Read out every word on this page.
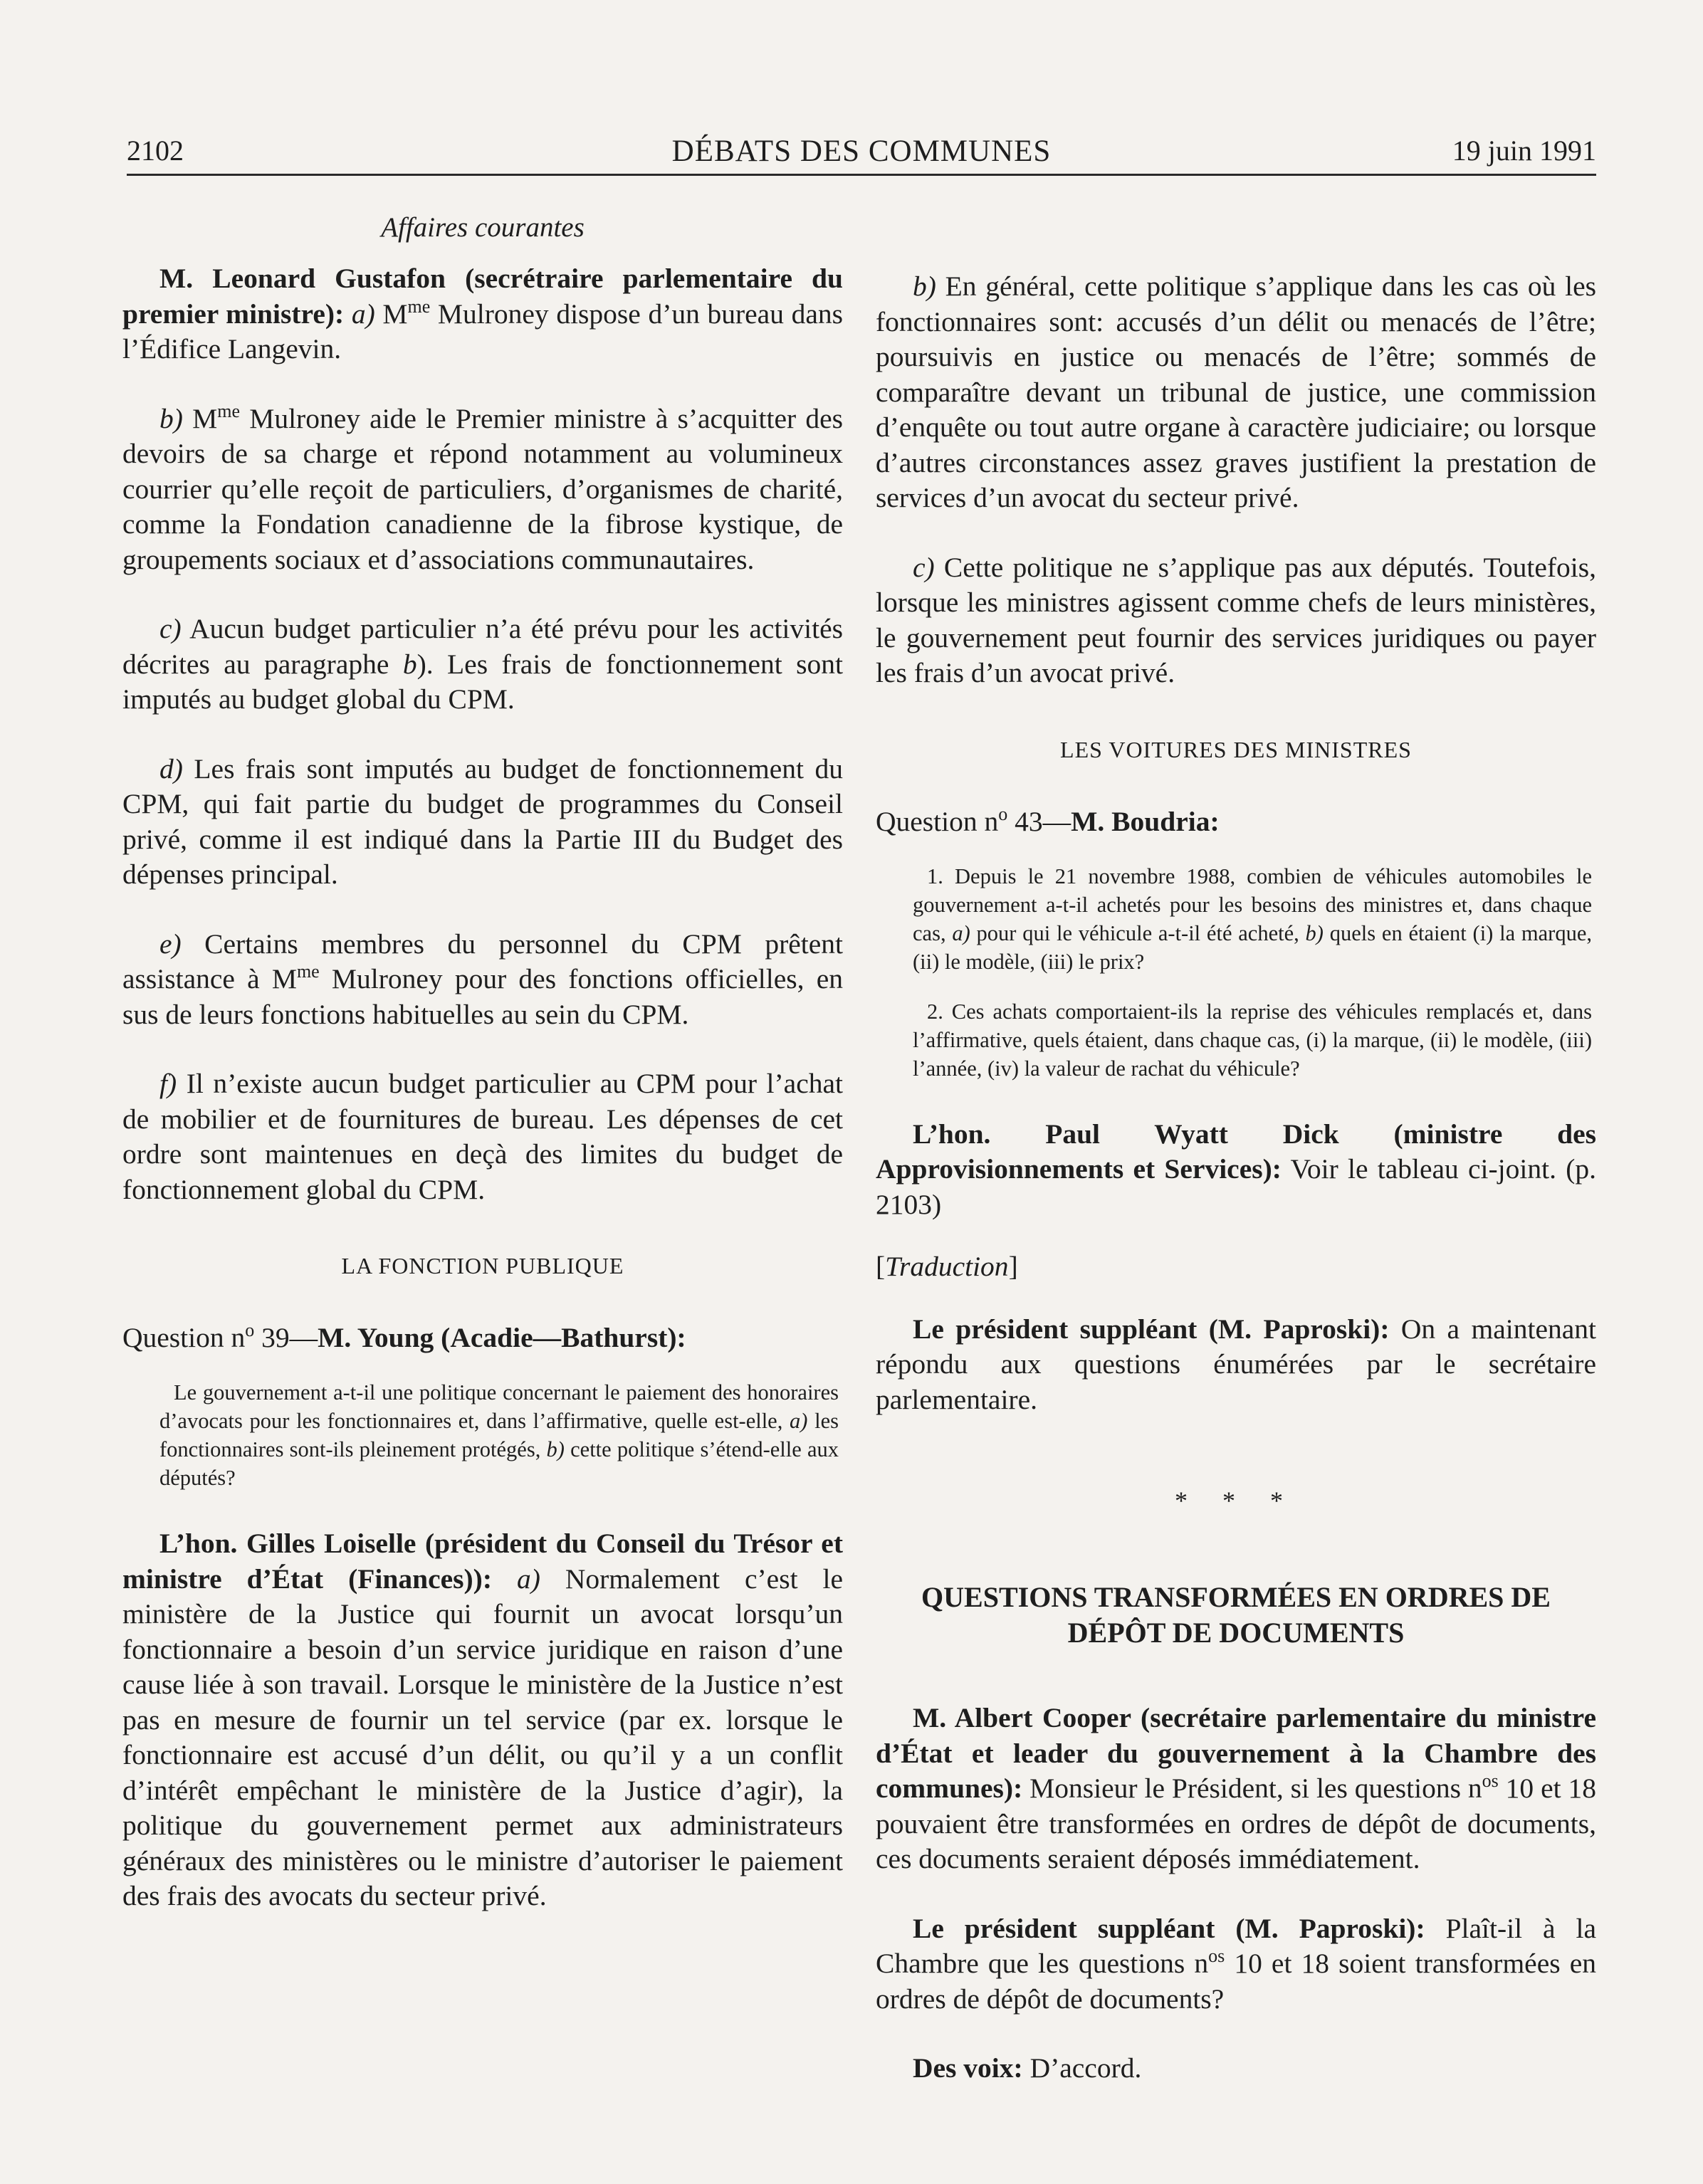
2102	DÉBATS DES COMMUNES	19 juin 1991
Affaires courantes

M. Leonard Gustafon (secrétraire parlementaire du premier ministre): a) $M^{me}$ Mulroney dispose d’un bureau dans l’Édifice Langevin.

b) $M^{me}$ Mulroney aide le Premier ministre à s’acquitter des devoirs de sa charge et répond notamment au volumineux courrier qu’elle reçoit de particuliers, d’organismes de charité, comme la Fondation canadienne de la fibrose kystique, de groupements sociaux et d’associations communautaires.

c) Aucun budget particulier n’a été prévu pour les activités décrites au paragraphe b). Les frais de fonctionnement sont imputés au budget global du CPM.

d) Les frais sont imputés au budget de fonctionnement du CPM, qui fait partie du budget de programmes du Conseil privé, comme il est indiqué dans la Partie III du Budget des dépenses principal.

e) Certains membres du personnel du CPM prêtent assistance à $M^{me}$ Mulroney pour des fonctions officielles, en sus de leurs fonctions habituelles au sein du CPM.

f) Il n’existe aucun budget particulier au CPM pour l’achat de mobilier et de fournitures de bureau. Les dépenses de cet ordre sont maintenues en deçà des limites du budget de fonctionnement global du CPM.

LA FONCTION PUBLIQUE

Question $n^o$ 39—M. Young (Acadie—Bathurst):

Le gouvernement a-t-il une politique concernant le paiement des honoraires d’avocats pour les fonctionnaires et, dans l’affirmative, quelle est-elle, a) les fonctionnaires sont-ils pleinement protégés, b) cette politique s’étend-elle aux députés?

L’hon. Gilles Loiselle (président du Conseil du Trésor et ministre d’État (Finances)): a) Normalement c’est le ministère de la Justice qui fournit un avocat lorsqu’un fonctionnaire a besoin d’un service juridique en raison d’une cause liée à son travail. Lorsque le ministère de la Justice n’est pas en mesure de fournir un tel service (par ex. lorsque le fonctionnaire est accusé d’un délit, ou qu’il y a un conflit d’intérêt empêchant le ministère de la Justice d’agir), la politique du gouvernement permet aux administrateurs généraux des ministères ou le ministre d’autoriser le paiement des frais des avocats du secteur privé.

b) En général, cette politique s’applique dans les cas où les fonctionnaires sont: accusés d’un délit ou menacés de l’être; poursuivis en justice ou menacés de l’être; sommés de comparaître devant un tribunal de justice, une commission d’enquête ou tout autre organe à caractère judiciaire; ou lorsque d’autres circonstances assez graves justifient la prestation de services d’un avocat du secteur privé.

c) Cette politique ne s’applique pas aux députés. Toutefois, lorsque les ministres agissent comme chefs de leurs ministères, le gouvernement peut fournir des services juridiques ou payer les frais d’un avocat privé.

LES VOITURES DES MINISTRES

Question $n^o$ 43—M. Boudria:

1. Depuis le 21 novembre 1988, combien de véhicules automobiles le gouvernement a-t-il achetés pour les besoins des ministres et, dans chaque cas, a) pour qui le véhicule a-t-il été acheté, b) quels en étaient (i) la marque, (ii) le modèle, (iii) le prix?

2. Ces achats comportaient-ils la reprise des véhicules remplacés et, dans l’affirmative, quels étaient, dans chaque cas, (i) la marque, (ii) le modèle, (iii) l’année, (iv) la valeur de rachat du véhicule?

L’hon. Paul Wyatt Dick (ministre des Approvisionnements et Services): Voir le tableau ci-joint. (p. 2103)

[Traduction]

Le président suppléant (M. Paproski): On a maintenant répondu aux questions énumérées par le secrétaire parlementaire.

* * *
QUESTIONS TRANSFORMÉES EN ORDRES DE DÉPÔT DE DOCUMENTS

M. Albert Cooper (secrétaire parlementaire du ministre d’État et leader du gouvernement à la Chambre des communes): Monsieur le Président, si les questions $n^{os}$ 10 et 18 pouvaient être transformées en ordres de dépôt de documents, ces documents seraient déposés immédiatement.

Le président suppléant (M. Paproski): Plaît-il à la Chambre que les questions $n^{os}$ 10 et 18 soient transformées en ordres de dépôt de documents?

Des voix: D’accord.
